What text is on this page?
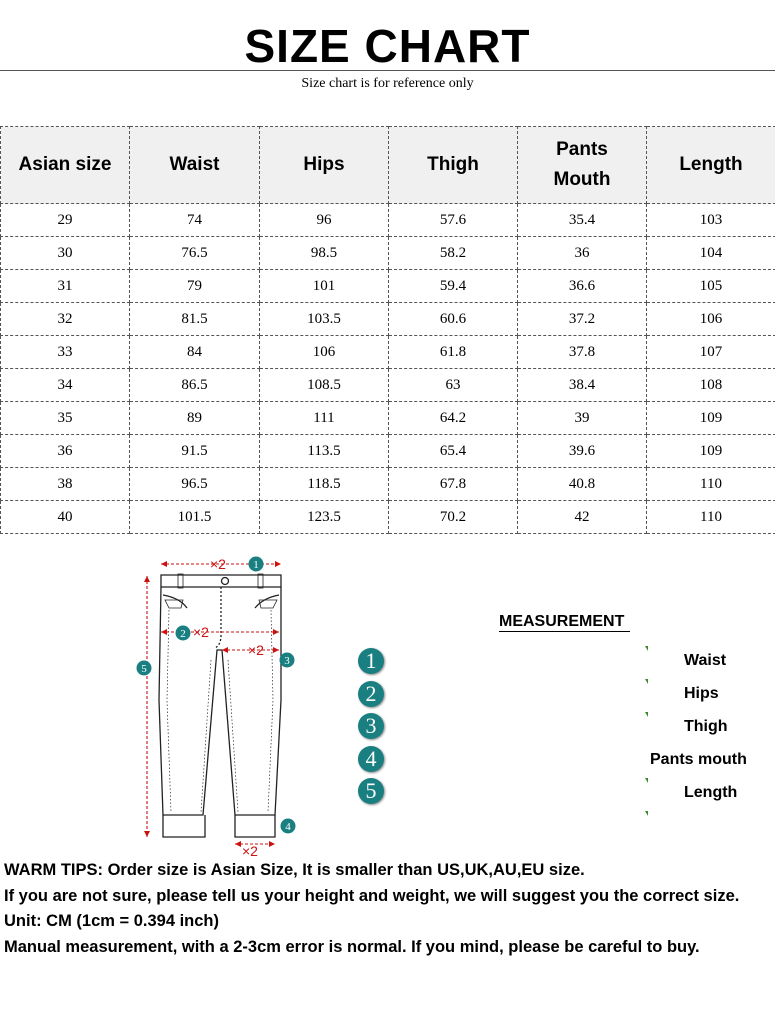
SIZE CHART
Size chart is for reference only
Asian size	Waist	Hips	Thigh	Pants Mouth	Length
29	74	96	57.6	35.4	103
30	76.5	98.5	58.2	36	104
31	79	101	59.4	36.6	105
32	81.5	103.5	60.6	37.2	106
33	84	106	61.8	37.8	107
34	86.5	108.5	63	38.4	108
35	89	111	64.2	39	109
36	91.5	113.5	65.4	39.6	109
38	96.5	118.5	67.8	40.8	110
40	101.5	123.5	70.2	42	110
×2
×2
×2
×2
1
2
3
4
5	1
2
3
4
5
MEASUREMENT
Waist
Hips
Thigh
Pants mouth
Length
WARM TIPS: Order size is Asian Size, It is smaller than US,UK,AU,EU size.
If you are not sure, please tell us your height and weight, we will suggest you the correct size.
Unit: CM (1cm = 0.394 inch)
Manual measurement, with a 2-3cm error is normal. If you mind, please be careful to buy.
